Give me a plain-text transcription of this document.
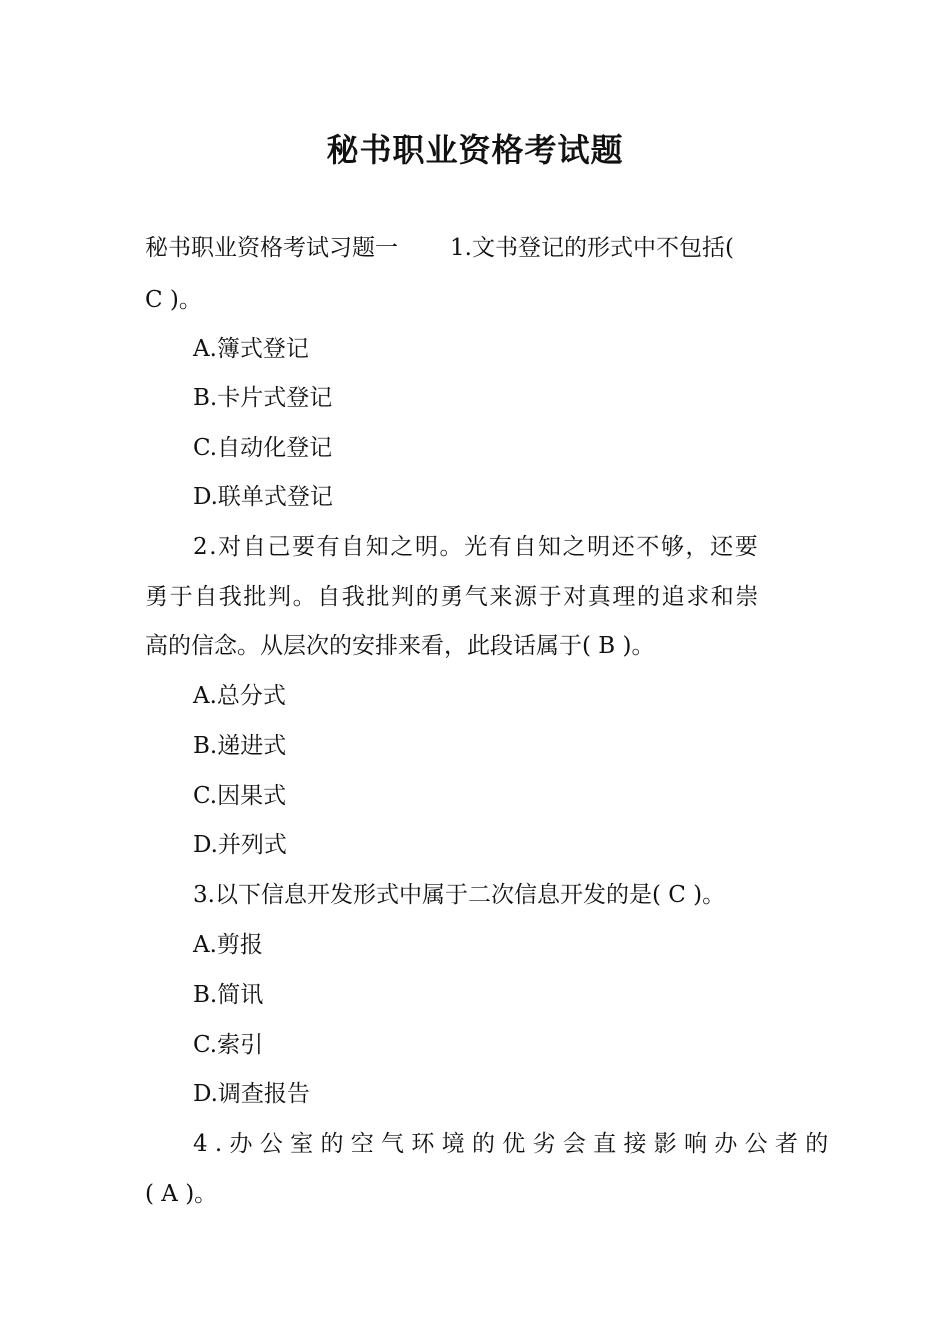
秘书职业资格考试题

秘书职业资格考试习题一 1.文书登记的形式中不包括(

C )。

A.簿式登记

B.卡片式登记

C.自动化登记

D.联单式登记

2.对自己要有自知之明。光有自知之明还不够，还要

勇于自我批判。自我批判的勇气来源于对真理的追求和崇

高的信念。从层次的安排来看，此段话属于( B )。

A.总分式

B.递进式

C.因果式

D.并列式

3.以下信息开发形式中属于二次信息开发的是( C )。

A.剪报

B.简讯

C.索引

D.调查报告

4.办公室的空气环境的优劣会直接影响办公者的

( A )。
